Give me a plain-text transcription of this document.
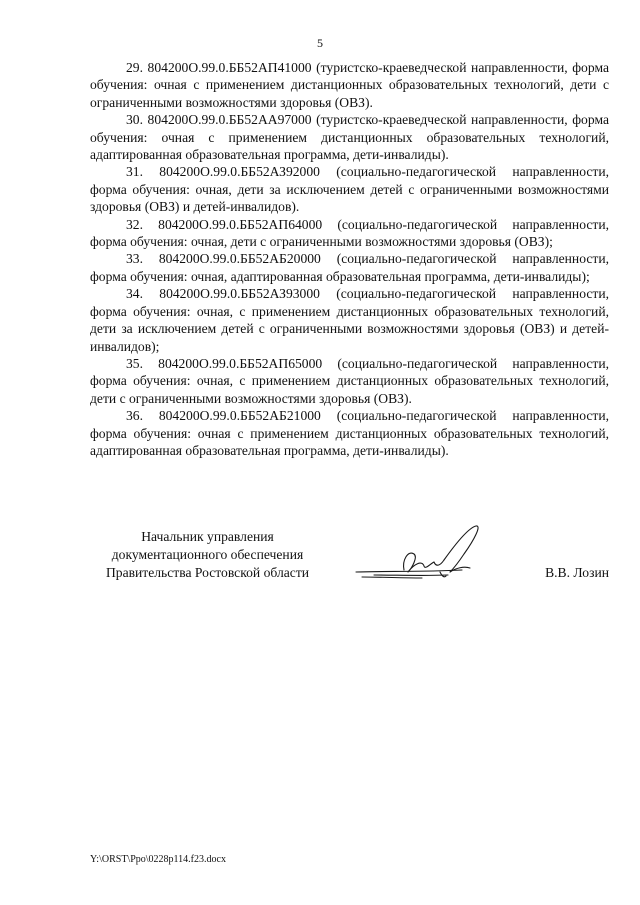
5

29. 804200О.99.0.ББ52АП41000 (туристско-краеведческой направленности, форма обучения: очная с применением дистанционных образовательных технологий, дети с ограниченными возможностями здоровья (ОВЗ).

30. 804200О.99.0.ББ52АА97000 (туристско-краеведческой направленности, форма обучения: очная с применением дистанционных образовательных технологий, адаптированная образовательная программа, дети-инвалиды).

31. 804200О.99.0.ББ52АЗ92000 (социально-педагогической направленности, форма обучения: очная, дети за исключением детей с ограниченными возможностями здоровья (ОВЗ) и детей-инвалидов).

32. 804200О.99.0.ББ52АП64000 (социально-педагогической направленности, форма обучения: очная, дети с ограниченными возможностями здоровья (ОВЗ);

33. 804200О.99.0.ББ52АБ20000 (социально-педагогической направленности, форма обучения: очная, адаптированная образовательная программа, дети-инвалиды);

34. 804200О.99.0.ББ52АЗ93000 (социально-педагогической направленности, форма обучения: очная, с применением дистанционных образовательных технологий, дети за исключением детей с ограниченными возможностями здоровья (ОВЗ) и детей-инвалидов);

35. 804200О.99.0.ББ52АП65000 (социально-педагогической направленности, форма обучения: очная, с применением дистанционных образовательных технологий, дети с ограниченными возможностями здоровья (ОВЗ).

36. 804200О.99.0.ББ52АБ21000 (социально-педагогической направленности, форма обучения: очная с применением дистанционных образовательных технологий, адаптированная образовательная программа, дети-инвалиды).

Начальник управления
документационного обеспечения
Правительства Ростовской области	В.В. Лозин
Y:\ORST\Ppo\0228p114.f23.docx
